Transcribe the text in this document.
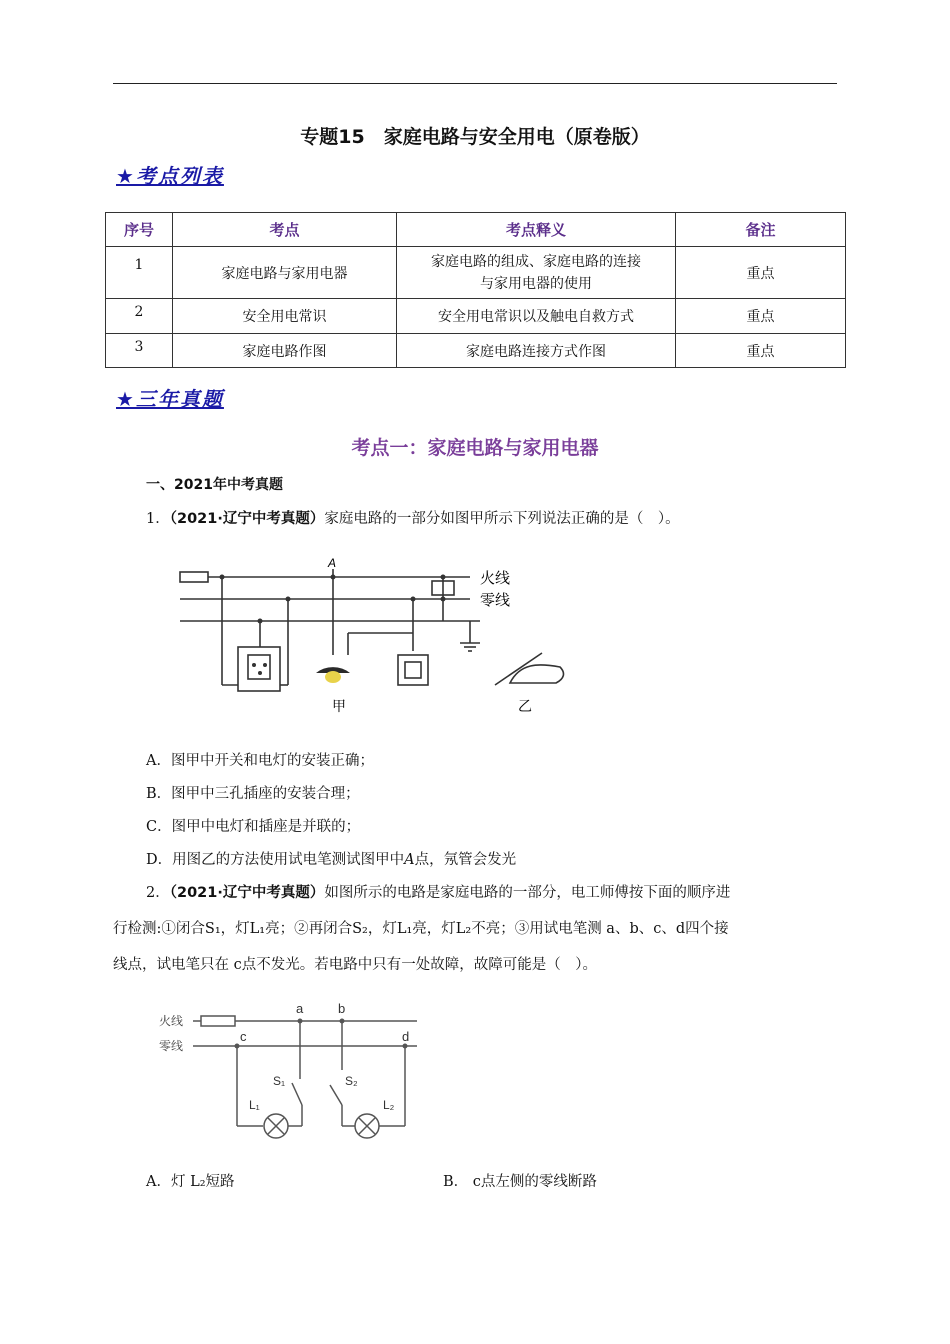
专题15　家庭电路与安全用电（原卷版）
★考点列表
序号	考点	考点释义	备注
1	家庭电路与家用电器	家庭电路的组成、家庭电路的连接
与家用电器的使用	重点
2	安全用电常识	安全用电常识以及触电自救方式	重点
3	家庭电路作图	家庭电路连接方式作图	重点
★三年真题
考点一：家庭电路与家用电器
一、2021年中考真题
1．（2021·辽宁中考真题）家庭电路的一部分如图甲所示下列说法正确的是（　）。
A
火线
零线
甲	乙
A．图甲中开关和电灯的安装正确；
B．图甲中三孔插座的安装合理；
C．图甲中电灯和插座是并联的；
D．用图乙的方法使用试电笔测试图甲中A点，氖管会发光
2．（2021·辽宁中考真题）如图所示的电路是家庭电路的一部分，电工师傅按下面的顺序进
行检测:①闭合S₁，灯L₁亮；②再闭合S₂，灯L₁亮，灯L₂不亮；③用试电笔测 a、b、c、d四个接
线点，试电笔只在 c点不发光。若电路中只有一处故障，故障可能是（　）。
火线
零线
a	b
c	d
S₁	S₂
L₁	L₂
A．灯 L₂短路	B． c点左侧的零线断路
